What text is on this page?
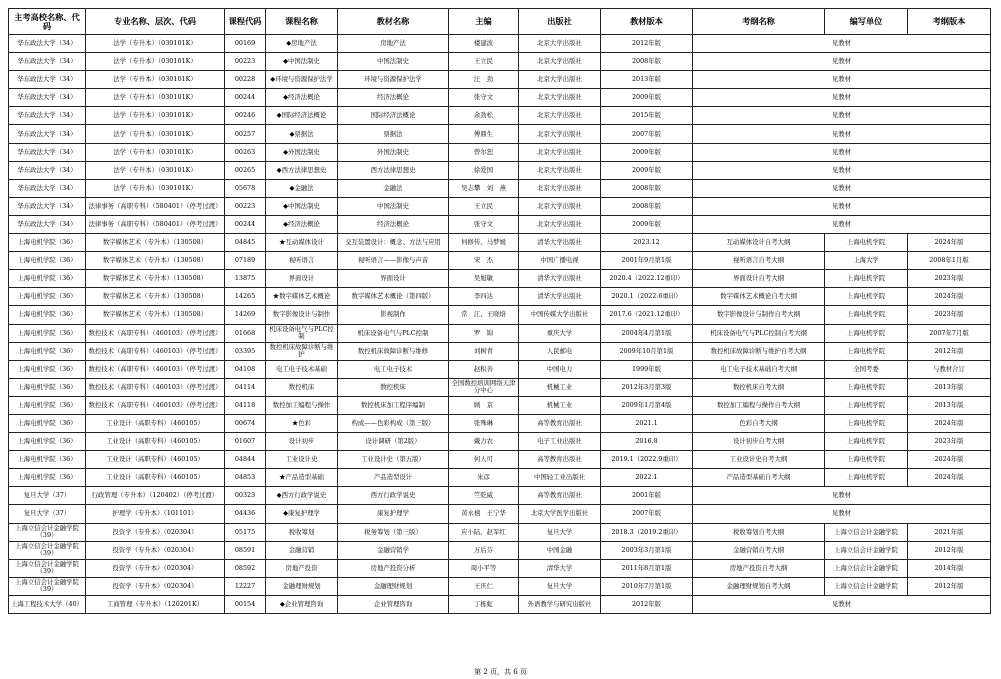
主考高校名称、代码	专业名称、层次、代码	课程代码	课程名称	教材名称	主编	出版社	教材版本	考纲名称	编写单位	考纲版本
华东政法大学（34）	法学（专升本）（030101K）	00169	◆房地产法	房地产法	楼建波	北京大学出版社	2012年版	见教材		
华东政法大学（34）	法学（专升本）（030101K）	00223	◆中国法制史	中国法制史	王立民	北京大学出版社	2008年版	见教材		
华东政法大学（34）	法学（专升本）（030101K）	00228	◆环境与资源保护法学	环境与资源保护法学	汪　劲	北京大学出版社	2013年版	见教材		
华东政法大学（34）	法学（专升本）（030101K）	00244	◆经济法概论	经济法概论	张守文	北京大学出版社	2009年版	见教材		
华东政法大学（34）	法学（专升本）（030101K）	00246	◆国际经济法概论	国际经济法概论	余劲松	北京大学出版社	2015年版	见教材		
华东政法大学（34）	法学（专升本）（030101K）	00257	◆票据法	票据法	傅鼎生	北京大学出版社	2007年版	见教材		
华东政法大学（34）	法学（专升本）（030101K）	00263	◆外国法制史	外国法制史	曾尔恕	北京大学出版社	2009年版	见教材		
华东政法大学（34）	法学（专升本）（030101K）	00265	◆西方法律思想史	西方法律思想史	徐爱国	北京大学出版社	2009年版	见教材		
华东政法大学（34）	法学（专升本）（030101K）	05678	◆金融法	金融法	吴志攀　刘　燕	北京大学出版社	2008年版	见教材		
华东政法大学（34）	法律事务（高职专科）（580401）（停考过渡）	00223	◆中国法制史	中国法制史	王立民	北京大学出版社	2008年版	见教材		
华东政法大学（34）	法律事务（高职专科）（580401）（停考过渡）	00244	◆经济法概论	经济法概论	张守文	北京大学出版社	2009年版	见教材		
上海电机学院（36）	数字媒体艺术（专升本）（130508）	04845	★互动媒体设计	交互装置设计：概念、方法与应用	何修传、马梦媛	清华大学出版社	2023.12	互动媒体设计自考大纲	上海电机学院	2024年版
上海电机学院（36）	数字媒体艺术（专升本）（130508）	07189	视听语言	视听语言——影像与声音	宋　杰	中国广播电视	2001年9月第1版	视听语言自考大纲	上海大学	2008年1月版
上海电机学院（36）	数字媒体艺术（专升本）（130508）	13875	界面设计	界面设计	吴旭敏	清华大学出版社	2020.4（2022.12重印）	界面设计自考大纲	上海电机学院	2023年版
上海电机学院（36）	数字媒体艺术（专升本）（130508）	14265	★数字媒体艺术概论	数字媒体艺术概论（第四版）	李四达	清华大学出版社	2020.1（2022.6重印）	数字媒体艺术概论自考大纲	上海电机学院	2024年版
上海电机学院（36）	数字媒体艺术（专升本）（130508）	14269	数字影像设计与制作	影视制作	常　江、王晓培	中国传媒大学出版社	2017.6（2021.12重印）	数字影像设计与制作自考大纲	上海电机学院	2023年版
上海电机学院（36）	数控技术（高职专科）（460103）（停考过渡）	01668	机床设备电气与PLC控制	机床设备电气与PLC控制	罗　锦	重庆大学	2004年4月第1版	机床设备电气与PLC控制自考大纲	上海电机学院	2007年7月版
上海电机学院（36）	数控技术（高职专科）（460103）（停考过渡）	03395	数控机床故障诊断与维护	数控机床故障诊断与维修	刘树青	人民邮电	2009年10月第1版	数控机床故障诊断与维护自考大纲	上海电机学院	2012年版
上海电机学院（36）	数控技术（高职专科）（460103）（停考过渡）	04108	电工电子技术基础	电工电子技术	赵积善	中国电力	1999年版	电工电子技术基础自考大纲	全国考委	与教材合订
上海电机学院（36）	数控技术（高职专科）（460103）（停考过渡）	04114	数控机床	数控机床	全国数控培训网络天津分中心	机械工业	2012年3月第3版	数控机床自考大纲	上海电机学院	2013年版
上海电机学院（36）	数控技术（高职专科）（460103）（停考过渡）	04118	数控加工编程与操作	数控机床加工程序编制	顾　京	机械工业	2009年1月第4版	数控加工编程与操作自考大纲	上海电机学院	2013年版
上海电机学院（36）	工业设计（高职专科）（460105）	00674	★色彩	构成——色彩构成（第三版）	张殊琳	高等教育出版社	2021.1	色彩自考大纲	上海电机学院	2024年版
上海电机学院（36）	工业设计（高职专科）（460105）	01607	设计初步	设计调研（第2版）	戴力农	电子工业出版社	2016.8	设计初步自考大纲	上海电机学院	2023年版
上海电机学院（36）	工业设计（高职专科）（460105）	04844	工业设计史	工业设计史（第五版）	何人可	高等教育出版社	2019.1（2022.9重印）	工业设计史自考大纲	上海电机学院	2024年版
上海电机学院（36）	工业设计（高职专科）（460105）	04853	★产品造型基础	产品造型设计	朱彦	中国轻工业出版社	2022.1	产品造型基础自考大纲	上海电机学院	2024年版
复旦大学（37）	行政管理（专升本）（120402）（停考过渡）	00323	◆西方行政学说史	西方行政学说史	竺乾威	高等教育出版社	2001年版	见教材		
复旦大学（37）	护理学（专升本）（101101）	04436	◆康复护理学	康复护理学	黄永禧　王宁华	北京大学医学出版社	2007年版	见教材		
上海立信会计金融学院（39）	投资学（专升本）（020304）	05175	税收筹划	税务筹划（第三版）	应小陆、赵军红	复旦大学	2018.3（2019.2重印）	税收筹划自考大纲	上海立信会计金融学院	2021年版
上海立信会计金融学院（39）	投资学（专升本）（020304）	08591	金融营销	金融营销学	万后芬	中国金融	2003年3月第1版	金融营销自考大纲	上海立信会计金融学院	2012年版
上海立信会计金融学院（39）	投资学（专升本）（020304）	08592	房地产投资	房地产投资分析	周小平等	清华大学	2011年8月第1版	房地产投资自考大纲	上海立信会计金融学院	2014年版
上海立信会计金融学院（39）	投资学（专升本）（020304）	12227	金融理财规划	金融理财规划	王庆仁	复旦大学	2010年7月第1版	金融理财规划自考大纲	上海立信会计金融学院	2012年版
上海工程技术大学（40）	工商管理（专升本）（120201K）	00154	◆企业管理咨询	企业管理咨询	丁栋虹	外语教学与研究出版社	2012年版	见教材		
第 2 页，共 6 页
